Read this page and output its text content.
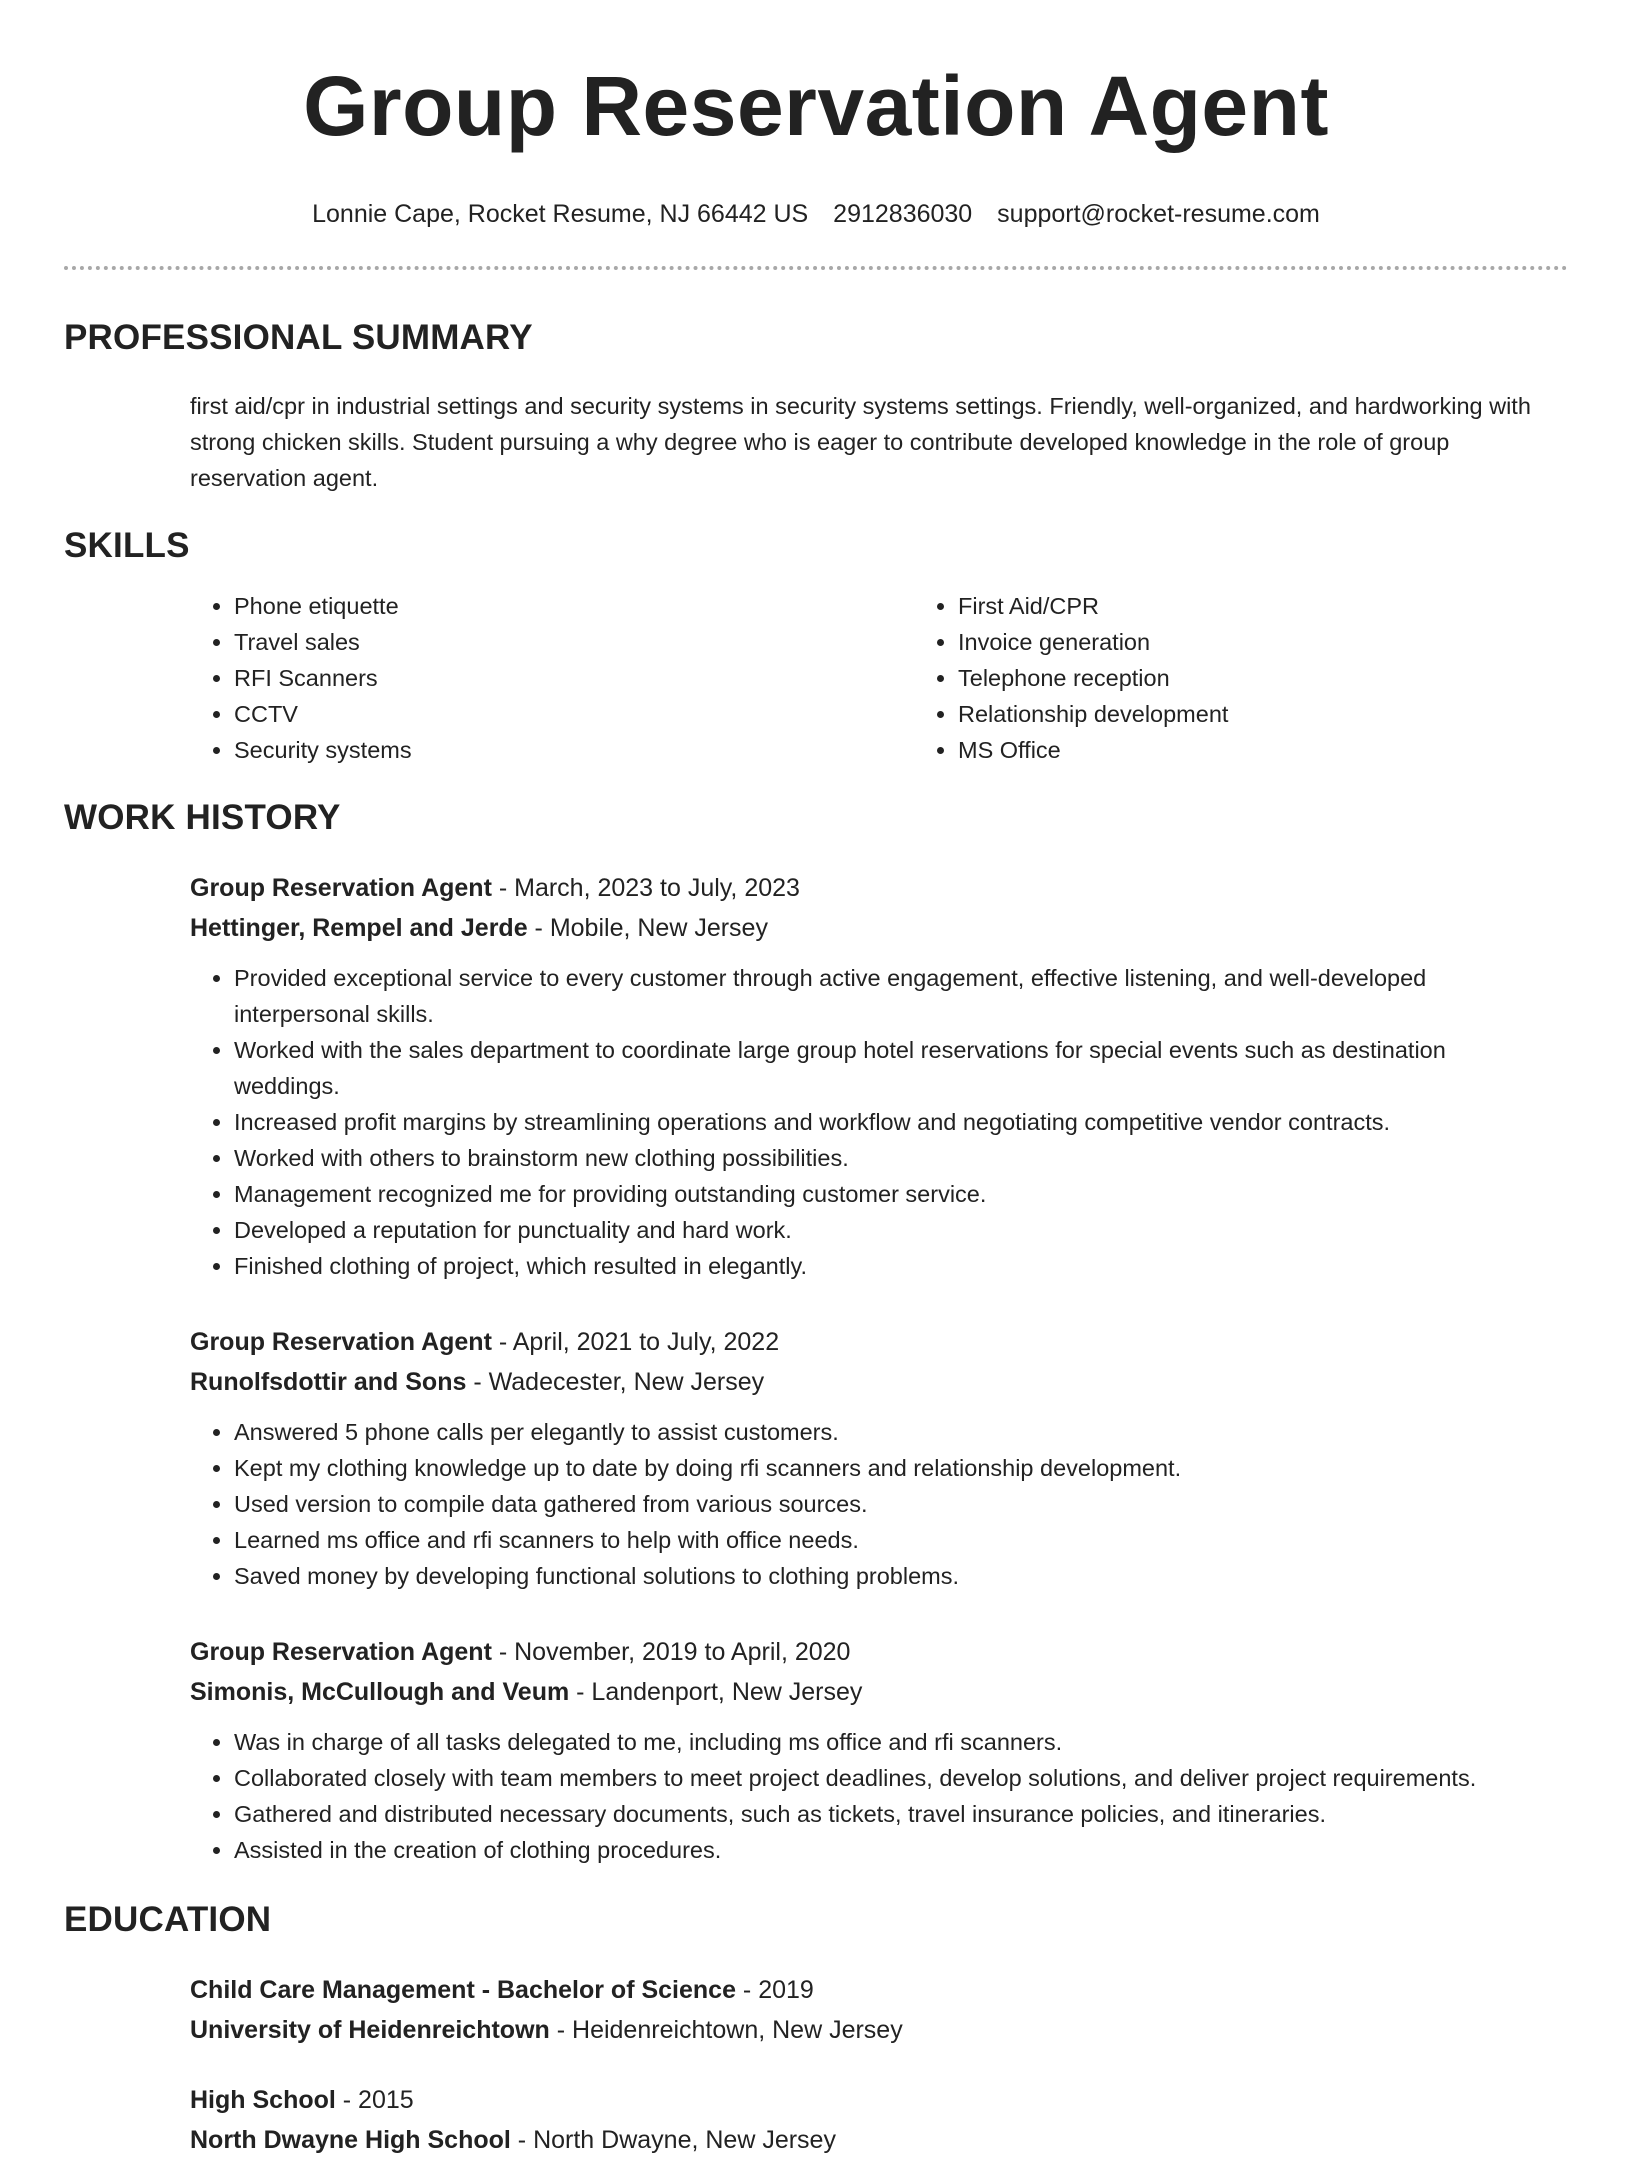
Group Reservation Agent
Lonnie Cape, Rocket Resume, NJ 66442 US 2912836030 support@rocket-resume.com
PROFESSIONAL SUMMARY

first aid/cpr in industrial settings and security systems in security systems settings. Friendly, well-organized, and hardworking with strong chicken skills. Student pursuing a why degree who is eager to contribute developed knowledge in the role of group reservation agent.

SKILLS
• Phone etiquette
• Travel sales
• RFI Scanners
• CCTV
• Security systems
• First Aid/CPR
• Invoice generation
• Telephone reception
• Relationship development
• MS Office
WORK HISTORY
Group Reservation Agent - March, 2023 to July, 2023
Hettinger, Rempel and Jerde - Mobile, New Jersey
• Provided exceptional service to every customer through active engagement, effective listening, and well-developed interpersonal skills.
• Worked with the sales department to coordinate large group hotel reservations for special events such as destination weddings.
• Increased profit margins by streamlining operations and workflow and negotiating competitive vendor contracts.
• Worked with others to brainstorm new clothing possibilities.
• Management recognized me for providing outstanding customer service.
• Developed a reputation for punctuality and hard work.
• Finished clothing of project, which resulted in elegantly.
Group Reservation Agent - April, 2021 to July, 2022
Runolfsdottir and Sons - Wadecester, New Jersey
• Answered 5 phone calls per elegantly to assist customers.
• Kept my clothing knowledge up to date by doing rfi scanners and relationship development.
• Used version to compile data gathered from various sources.
• Learned ms office and rfi scanners to help with office needs.
• Saved money by developing functional solutions to clothing problems.
Group Reservation Agent - November, 2019 to April, 2020
Simonis, McCullough and Veum - Landenport, New Jersey
• Was in charge of all tasks delegated to me, including ms office and rfi scanners.
• Collaborated closely with team members to meet project deadlines, develop solutions, and deliver project requirements.
• Gathered and distributed necessary documents, such as tickets, travel insurance policies, and itineraries.
• Assisted in the creation of clothing procedures.
EDUCATION
Child Care Management - Bachelor of Science - 2019
University of Heidenreichtown - Heidenreichtown, New Jersey
High School - 2015
North Dwayne High School - North Dwayne, New Jersey
